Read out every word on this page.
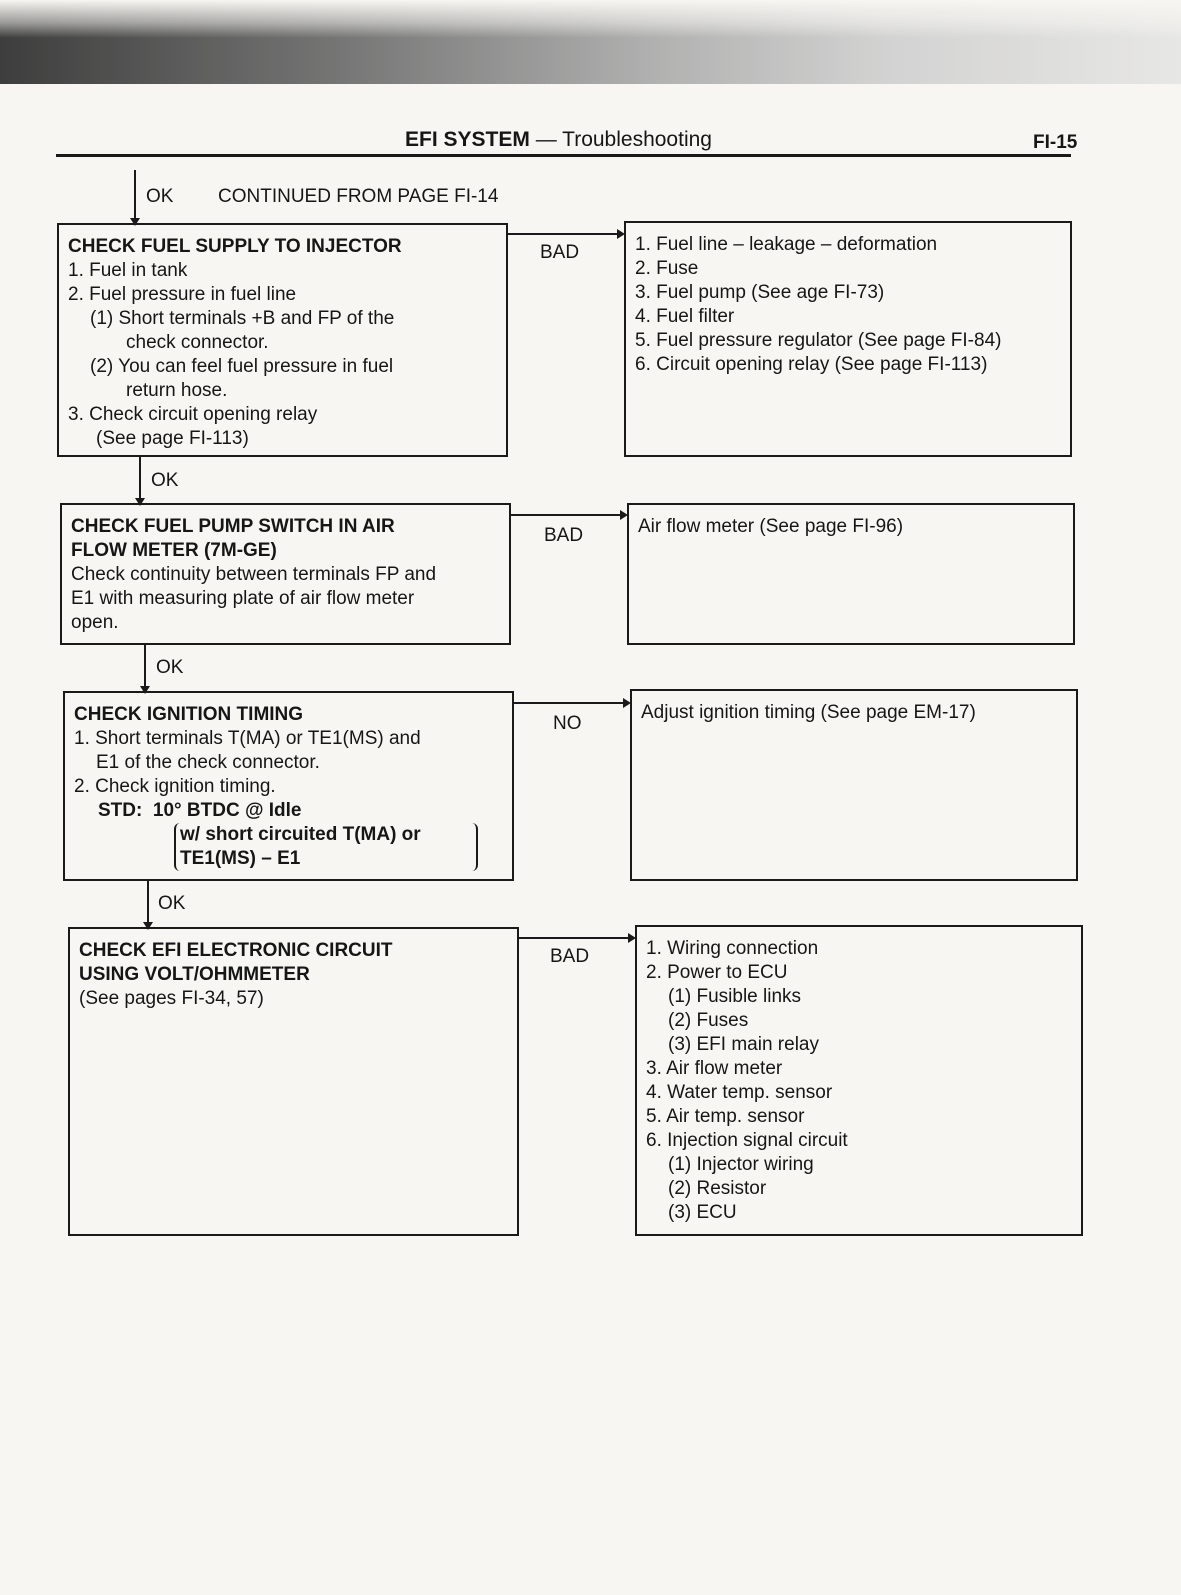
EFI SYSTEM — Troubleshooting	FI-15
OK CONTINUED FROM PAGE FI-14
CHECK FUEL SUPPLY TO INJECTOR
1. Fuel in tank
2. Fuel pressure in fuel line
(1) Short terminals +B and FP of the
check connector.
(2) You can feel fuel pressure in fuel
return hose.
3. Check circuit opening relay
(See page FI-113)
BAD	1. Fuel line – leakage – deformation
2. Fuse
3. Fuel pump (See age FI-73)
4. Fuel filter
5. Fuel pressure regulator (See page FI-84)
6. Circuit opening relay (See page FI-113)
OK
CHECK FUEL PUMP SWITCH IN AIR
FLOW METER (7M-GE)
Check continuity between terminals FP and
E1 with measuring plate of air flow meter
open.
BAD	Air flow meter (See page FI-96)
OK
CHECK IGNITION TIMING
1. Short terminals T(MA) or TE1(MS) and
E1 of the check connector.
2. Check ignition timing.
STD: 10° BTDC @ Idle
w/ short circuited T(MA) or
TE1(MS) – E1
NO
Adjust ignition timing (See page EM-17)
OK
CHECK EFI ELECTRONIC CIRCUIT
USING VOLT/OHMMETER
(See pages FI-34, 57)
BAD	1. Wiring connection
2. Power to ECU
(1) Fusible links
(2) Fuses
(3) EFI main relay
3. Air flow meter
4. Water temp. sensor
5. Air temp. sensor
6. Injection signal circuit
(1) Injector wiring
(2) Resistor
(3) ECU
